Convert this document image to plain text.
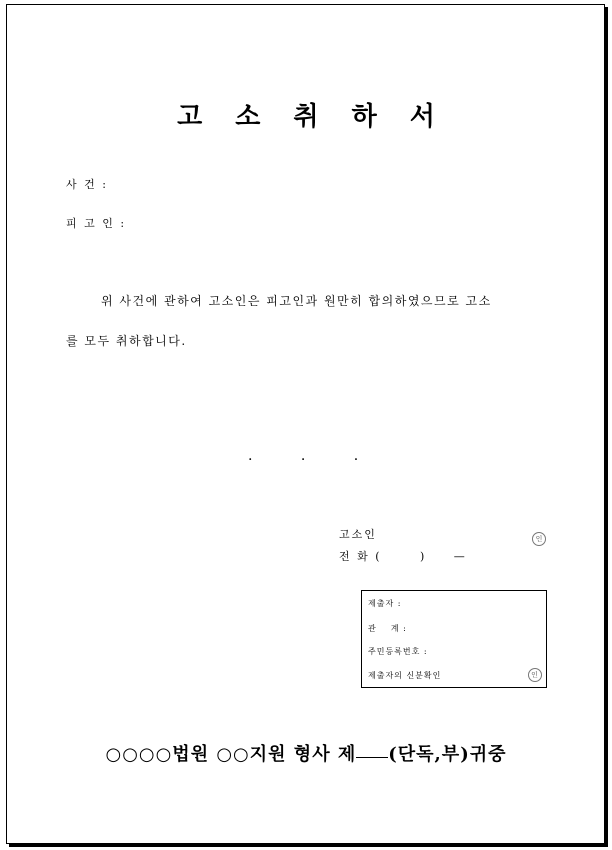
고 소 취 하 서
사 건 :
피 고 인 :
위 사건에 관하여 고소인은 피고인과 원만히 합의하였으므로 고소
를 모두 취하합니다.
. . .
고소인	인
전 화 (       )     —
제출자 :
관    계 :
주민등록번호 :
제출자의 신분확인	인
○○○○법원 ○○지원 형사 제 (단독,부)귀중
